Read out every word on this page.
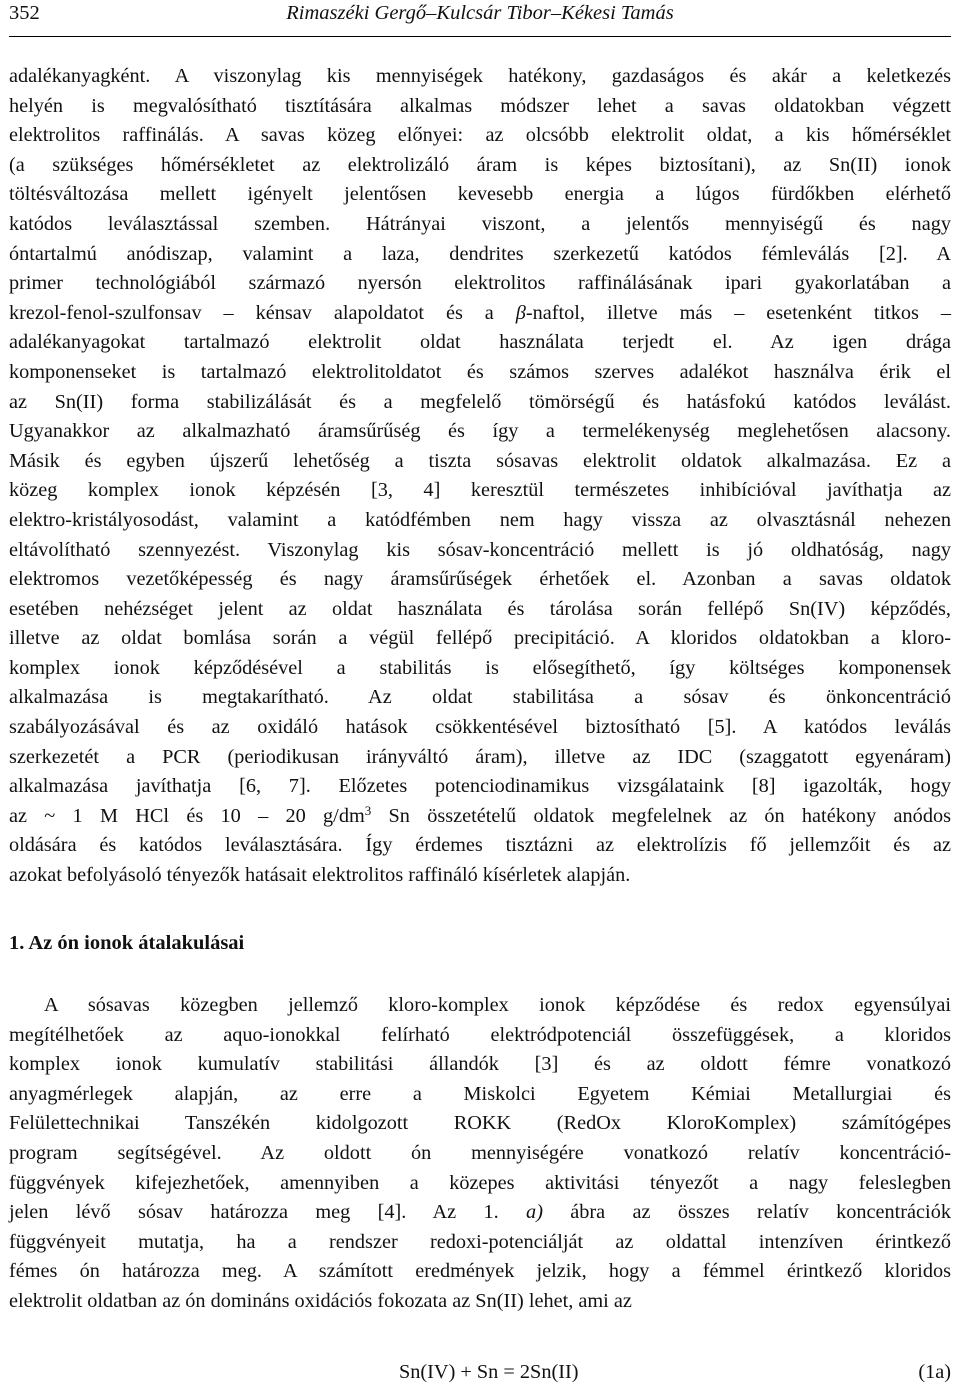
352	Rimaszéki Gergő–Kulcsár Tibor–Kékesi Tamás
adalékanyagként. A viszonylag kis mennyiségek hatékony, gazdaságos és akár a keletkezés
helyén is megvalósítható tisztítására alkalmas módszer lehet a savas oldatokban végzett
elektrolitos raffinálás. A savas közeg előnyei: az olcsóbb elektrolit oldat, a kis hőmérséklet
(a szükséges hőmérsékletet az elektrolizáló áram is képes biztosítani), az Sn(II) ionok
töltésváltozása mellett igényelt jelentősen kevesebb energia a lúgos fürdőkben elérhető
katódos leválasztással szemben. Hátrányai viszont, a jelentős mennyiségű és nagy
óntartalmú anódiszap, valamint a laza, dendrites szerkezetű katódos fémleválás [2]. A
primer technológiából származó nyersón elektrolitos raffinálásának ipari gyakorlatában a
krezol-fenol-szulfonsav – kénsav alapoldatot és a β-naftol, illetve más – esetenként titkos –
adalékanyagokat tartalmazó elektrolit oldat használata terjedt el. Az igen drága
komponenseket is tartalmazó elektrolitoldatot és számos szerves adalékot használva érik el
az Sn(II) forma stabilizálását és a megfelelő tömörségű és hatásfokú katódos leválást.
Ugyanakkor az alkalmazható áramsűrűség és így a termelékenység meglehetősen alacsony.
Másik és egyben újszerű lehetőség a tiszta sósavas elektrolit oldatok alkalmazása. Ez a
közeg komplex ionok képzésén [3, 4] keresztül természetes inhibícióval javíthatja az
elektro-kristályosodást, valamint a katódfémben nem hagy vissza az olvasztásnál nehezen
eltávolítható szennyezést. Viszonylag kis sósav-koncentráció mellett is jó oldhatóság, nagy
elektromos vezetőképesség és nagy áramsűrűségek érhetőek el. Azonban a savas oldatok
esetében nehézséget jelent az oldat használata és tárolása során fellépő Sn(IV) képződés,
illetve az oldat bomlása során a végül fellépő precipitáció. A kloridos oldatokban a kloro-
komplex ionok képződésével a stabilitás is elősegíthető, így költséges komponensek
alkalmazása is megtakarítható. Az oldat stabilitása a sósav és önkoncentráció
szabályozásával és az oxidáló hatások csökkentésével biztosítható [5]. A katódos leválás
szerkezetét a PCR (periodikusan irányváltó áram), illetve az IDC (szaggatott egyenáram)
alkalmazása javíthatja [6, 7]. Előzetes potenciodinamikus vizsgálataink [8] igazolták, hogy
az ~ 1 M HCl és 10 – 20 $g/dm^3$ Sn összetételű oldatok megfelelnek az ón hatékony anódos
oldására és katódos leválasztására. Így érdemes tisztázni az elektrolízis fő jellemzőit és az
azokat befolyásoló tényezők hatásait elektrolitos raffináló kísérletek alapján.
1. Az ón ionok átalakulásai
A sósavas közegben jellemző kloro-komplex ionok képződése és redox egyensúlyai
megítélhetőek az aquo-ionokkal felírható elektródpotenciál összefüggések, a kloridos
komplex ionok kumulatív stabilitási állandók [3] és az oldott fémre vonatkozó
anyagmérlegek alapján, az erre a Miskolci Egyetem Kémiai Metallurgiai és
Felülettechnikai Tanszékén kidolgozott ROKK (RedOx KloroKomplex) számítógépes
program segítségével. Az oldott ón mennyiségére vonatkozó relatív koncentráció-
függvények kifejezhetőek, amennyiben a közepes aktivitási tényezőt a nagy feleslegben
jelen lévő sósav határozza meg [4]. Az 1. a) ábra az összes relatív koncentrációk
függvényeit mutatja, ha a rendszer redoxi-potenciálját az oldattal intenzíven érintkező
fémes ón határozza meg. A számított eredmények jelzik, hogy a fémmel érintkező kloridos
elektrolit oldatban az ón domináns oxidációs fokozata az Sn(II) lehet, ami az
Sn(IV) + Sn = 2Sn(II)	(1a)
